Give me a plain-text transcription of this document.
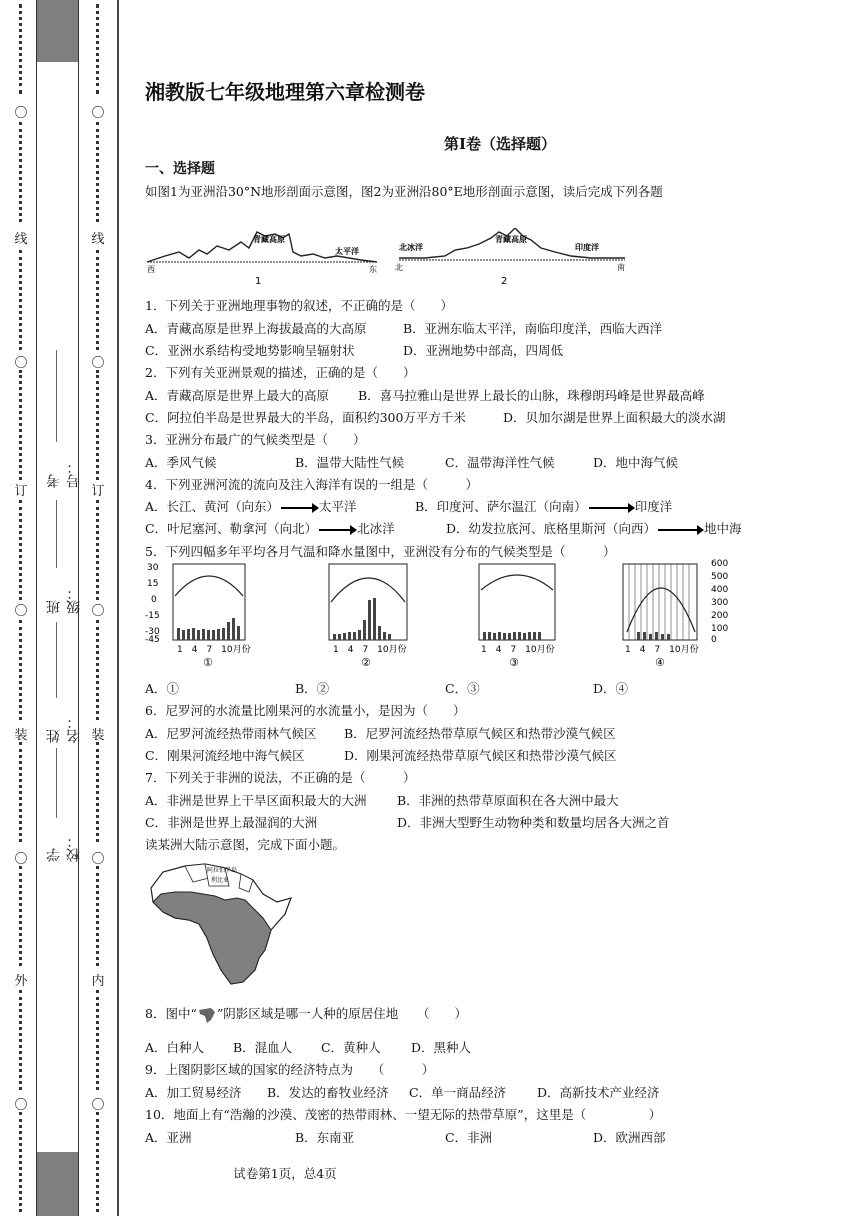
〇
线
〇
订
〇
装
〇
外
〇
〇
线
〇
订
〇
装
〇
内
〇
考号：
班级：
姓名：
学校：
湘教版七年级地理第六章检测卷
第Ⅰ卷（选择题）
一、选择题
如图1为亚洲沿30°N地形剖面示意图，图2为亚洲沿80°E地形剖面示意图，读后完成下列各题
青藏高原
西
太平洋
东
1
青藏高原
北冰洋
北
印度洋
南
2
1．下列关于亚洲地理事物的叙述，不正确的是（　　）
A．青藏高原是世界上海拔最高的大高原	B．亚洲东临太平洋，南临印度洋，西临大西洋
C．亚洲水系结构受地势影响呈辐射状	D．亚洲地势中部高，四周低
2．下列有关亚洲景观的描述，正确的是（　　）
A．青藏高原是世界上最大的高原 B．喜马拉雅山是世界上最长的山脉，珠穆朗玛峰是世界最高峰
C．阿拉伯半岛是世界最大的半岛，面积约300万平方千米	D．贝加尔湖是世界上面积最大的淡水湖
3．亚洲分布最广的气候类型是（　　）
A．季风气候	B．温带大陆性气候	C．温带海洋性气候	D．地中海气候
4．下列亚洲河流的流向及注入海洋有误的一组是（　　　）
A．长江、黄河（向东）	太平洋	B．印度河、萨尔温江（向南）	印度洋
C．叶尼塞河、勒拿河（向北）	北冰洋	D．幼发拉底河、底格里斯河（向西）	地中海
5．下列四幅多年平均各月气温和降水量图中，亚洲没有分布的气候类型是（　　　）
30
15
0
-15
-30
-45
1　4　7　10月份
①
1　4　7　10月份
②
1　4　7　10月份
③
600
500
400
300
200
100
0
1　4　7　10月份
④
A．①	B．②	C．③	D．④
6．尼罗河的水流量比刚果河的水流量小，是因为（　　）
A．尼罗河流经热带雨林气候区 B．尼罗河流经热带草原气候区和热带沙漠气候区
C．刚果河流经地中海气候区	D．刚果河流经热带草原气候区和热带沙漠气候区
7．下列关于非洲的说法，不正确的是（　　　）
A．非洲是世界上干旱区面积最大的大洲 B．非洲的热带草原面积在各大洲中最大
C．非洲是世界上最湿润的大洲	D．非洲大型野生动物种类和数量均居各大洲之首
读某洲大陆示意图，完成下面小题。
阿拉伯半岛
利比亚
8．图中“ ”阴影区域是哪一人种的原居住地　　（　　）
A．白种人 B．混血人 C．黄种人 D．黑种人
9．上图阴影区域的国家的经济特点为　　（　　　）
A．加工贸易经济 B．发达的畜牧业经济 C．单一商品经济 D．高新技术产业经济
10．地面上有“浩瀚的沙漠、茂密的热带雨林、一望无际的热带草原”，这里是（　　　　　）
A．亚洲	B．东南亚	C．非洲	D．欧洲西部
试卷第1页，总4页
